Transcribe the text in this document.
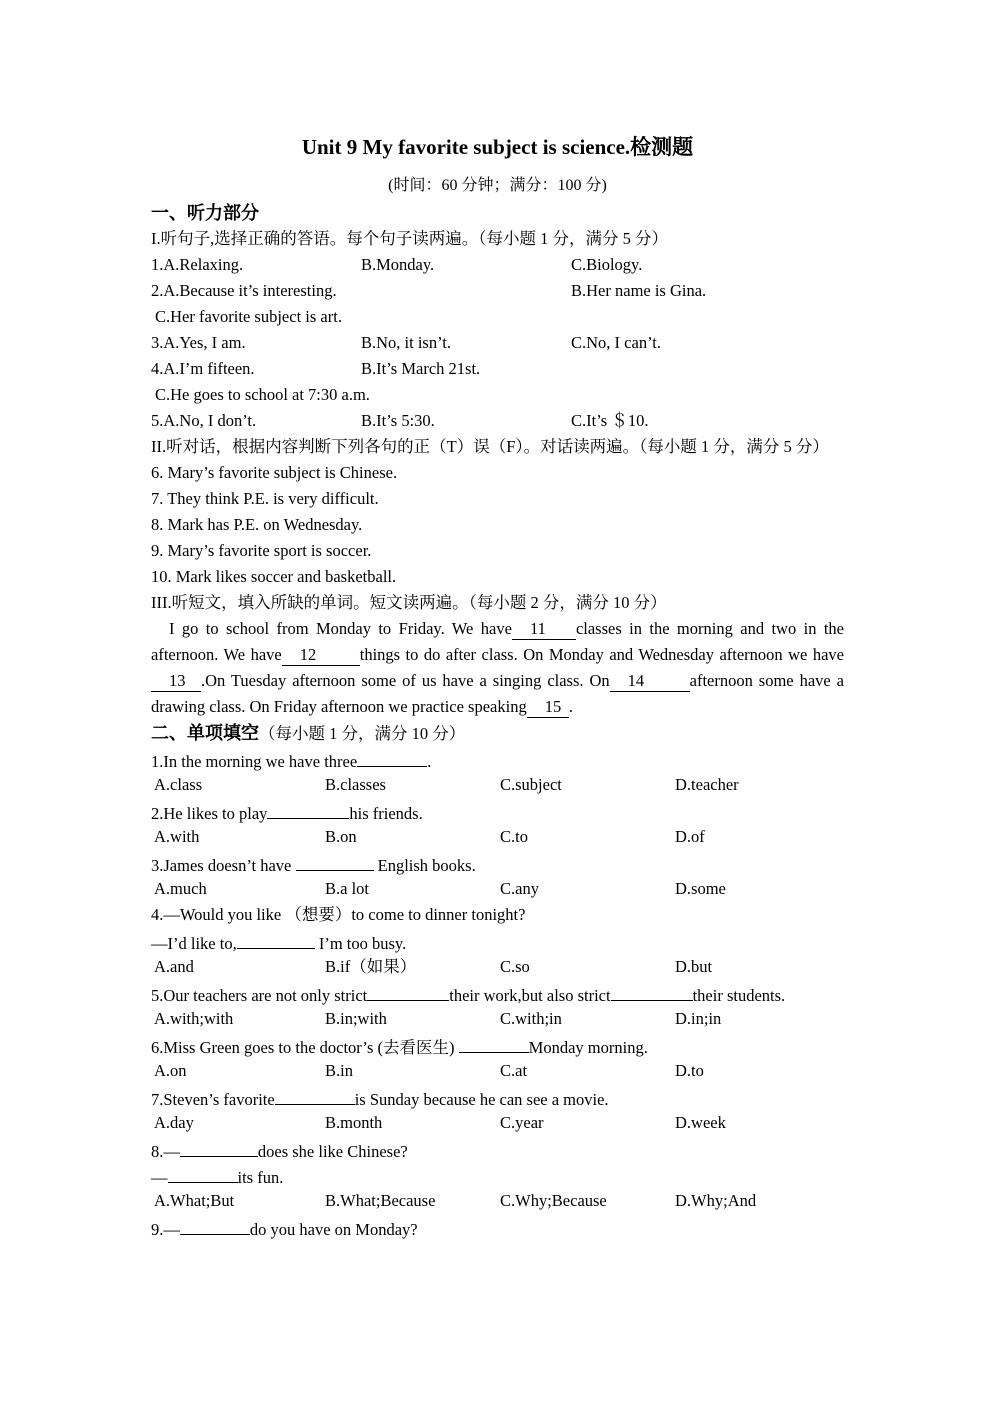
Unit 9 My favorite subject is science.检测题
(时间：60 分钟；满分：100 分)
一、听力部分
I.听句子,选择正确的答语。每个句子读两遍。（每小题 1 分，满分 5 分）
1.A.Relaxing.	B.Monday.	C.Biology.
2.A.Because it’s interesting.	B.Her name is Gina.
C.Her favorite subject is art.
3.A.Yes, I am.	B.No, it isn’t.	C.No, I can’t.
4.A.I’m fifteen.	B.It’s March 21st.
C.He goes to school at 7:30 a.m.
5.A.No, I don’t.	B.It’s 5:30.	C.It’s ＄10.
II.听对话，根据内容判断下列各句的正（T）误（F）。对话读两遍。（每小题 1 分，满分 5 分）
6. Mary’s favorite subject is Chinese.
7. They think P.E. is very difficult.
8. Mark has P.E. on Wednesday.
9. Mary’s favorite sport is soccer.
10. Mark likes soccer and basketball.
III.听短文，填入所缺的单词。短文读两遍。（每小题 2 分，满分 10 分）
I go to school from Monday to Friday. We have 11 classes in the morning and two in the afternoon. We have 12	things to do after class. On Monday and Wednesday afternoon we have13 .On Tuesday afternoon some of us have a singing class. On 14	afternoon some have a drawing class. On Friday afternoon we practice speaking 15 .
二、单项填空（每小题 1 分，满分 10 分）
1.In the morning we have three	.
A.class	B.classes	C.subject	D.teacher
2.He likes to play	his friends.
A.with	B.on	C.to	D.of
3.James doesn’t have	English books.
A.much	B.a lot	C.any	D.some
4.—Would you like （想要）to come to dinner tonight?
—I’d like to,	I’m too busy.
A.and	B.if（如果）	C.so	D.but
5.Our teachers are not only strict	their work,but also strict	their students.
A.with;with	B.in;with	C.with;in	D.in;in
6.Miss Green goes to the doctor’s (去看医生)	Monday morning.
A.on	B.in	C.at	D.to
7.Steven’s favorite	is Sunday because he can see a movie.
A.day	B.month	C.year	D.week
8.—	does she like Chinese?
—	its fun.
A.What;But	B.What;Because	C.Why;Because	D.Why;And
9.—	do you have on Monday?
